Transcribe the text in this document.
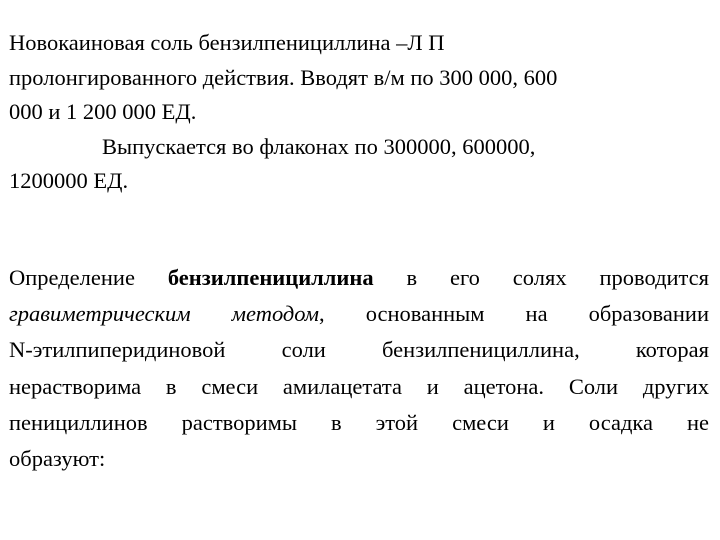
Новокаиновая соль бензилпенициллина –Л П
пролонгированного действия. Вводят в/м по 300 000, 600
000 и 1 200 000 ЕД.
Выпускается во флаконах по 300000, 600000,
1200000 ЕД.
Определение бензилпенициллина в его солях проводится
гравиметрическим методом, основанным на образовании
N-этилпиперидиновой соли бензилпенициллина, которая
нерастворима в смеси амилацетата и ацетона. Соли других
пенициллинов растворимы в этой смеси и осадка не
образуют:
